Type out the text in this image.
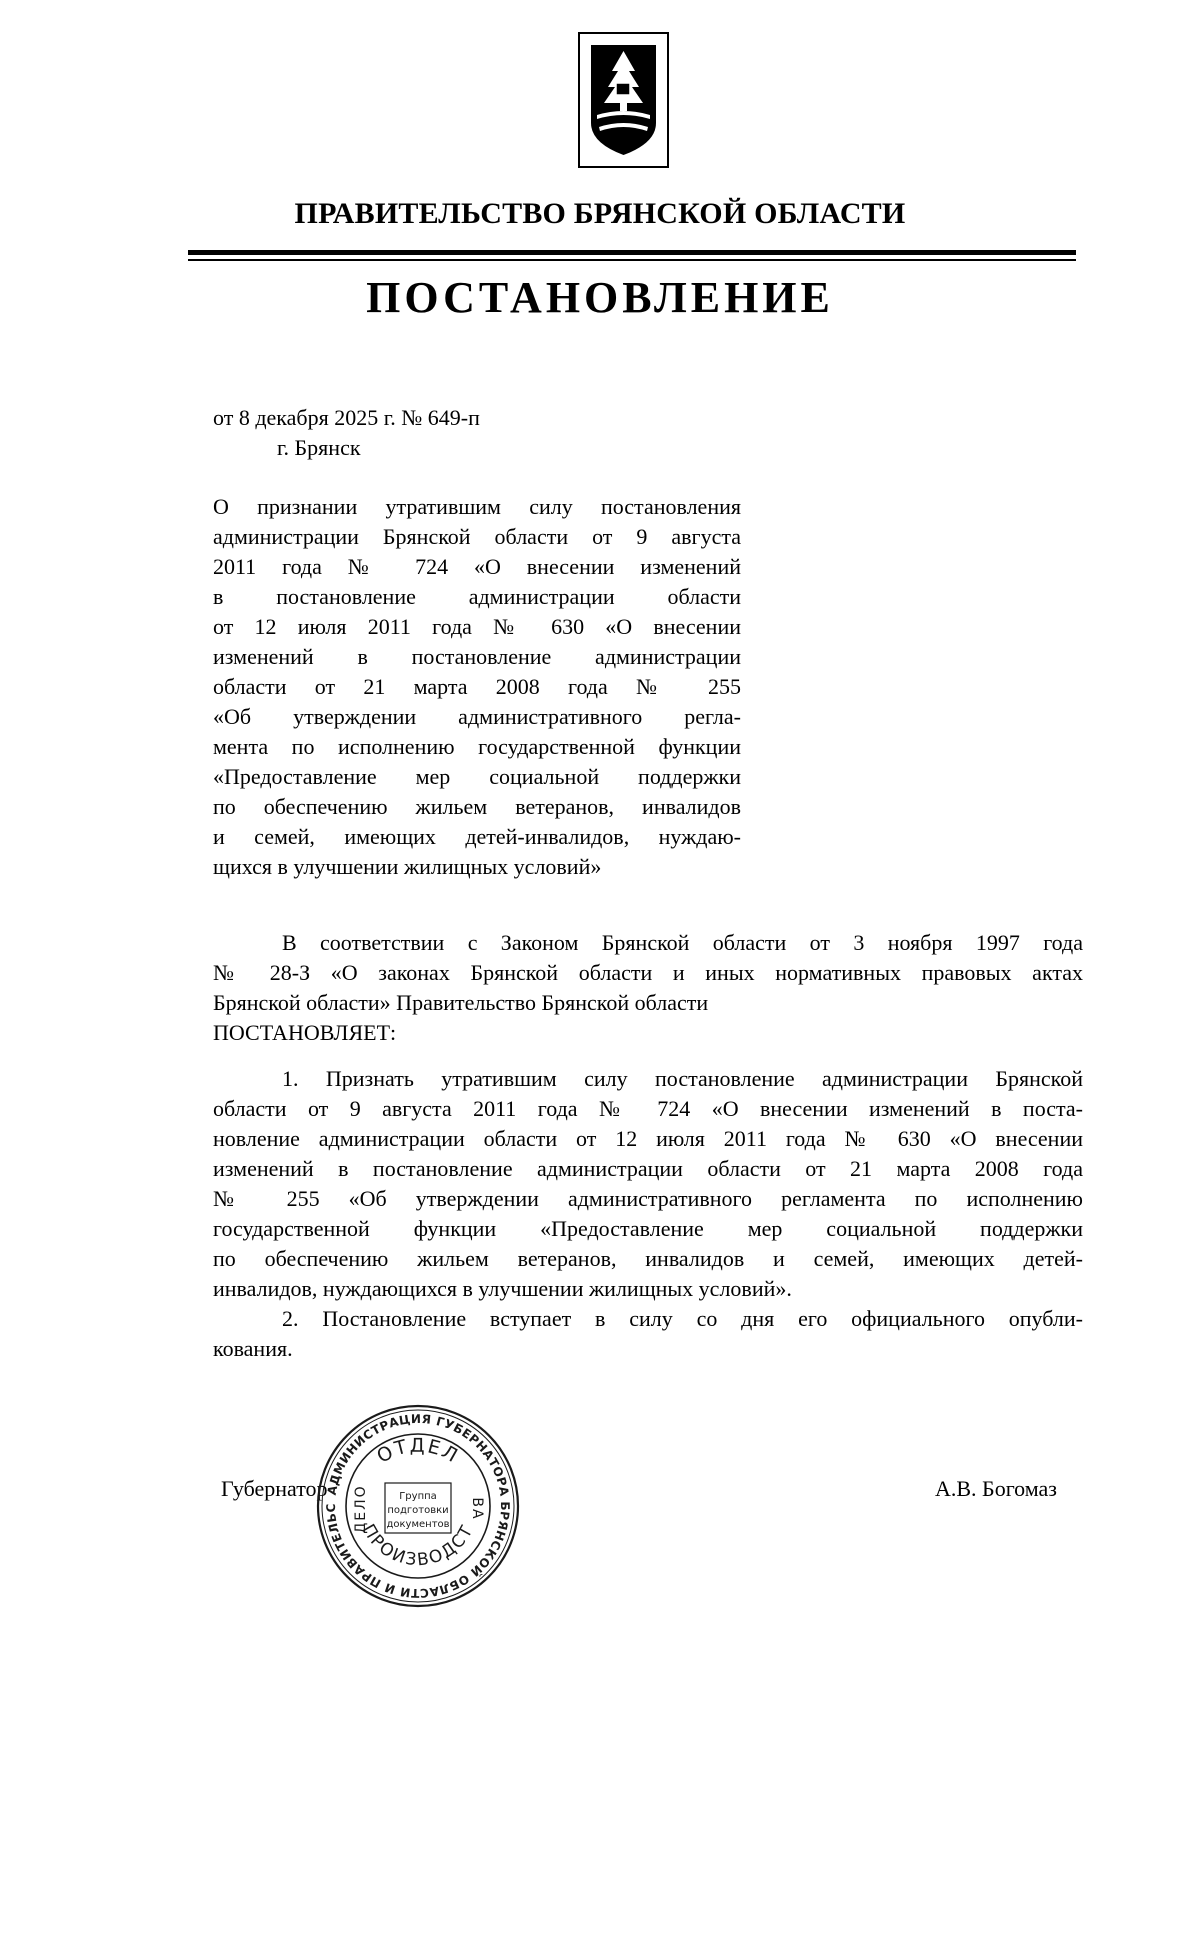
ПРАВИТЕЛЬСТВО БРЯНСКОЙ ОБЛАСТИ
ПОСТАНОВЛЕНИЕ
от 8 декабря 2025 г. № 649-п
г. Брянск
О признании утратившим силу постановления
администрации Брянской области от 9 августа
2011 года № 724 «О внесении изменений
в постановление администрации области
от 12 июля 2011 года № 630 «О внесении
изменений в постановление администрации
области от 21 марта 2008 года № 255
«Об утверждении административного регла-
мента по исполнению государственной функции
«Предоставление мер социальной поддержки
по обеспечению жильем ветеранов, инвалидов
и семей, имеющих детей-инвалидов, нуждаю-
щихся в улучшении жилищных условий»
В соответствии с Законом Брянской области от 3 ноября 1997 года
№ 28-З «О законах Брянской области и иных нормативных правовых актах
Брянской области» Правительство Брянской области
ПОСТАНОВЛЯЕТ:
1. Признать утратившим силу постановление администрации Брянской
области от 9 августа 2011 года № 724 «О внесении изменений в поста-
новление администрации области от 12 июля 2011 года № 630 «О внесении
изменений в постановление администрации области от 21 марта 2008 года
№ 255 «Об утверждении административного регламента по исполнению
государственной функции «Предоставление мер социальной поддержки
по обеспечению жильем ветеранов, инвалидов и семей, имеющих детей-
инвалидов, нуждающихся в улучшении жилищных условий».
2. Постановление вступает в силу со дня его официального опубли-
кования.
Губернатор	А.В. Богомаз
АДМИНИСТРАЦИЯ ГУБЕРНАТОРА БРЯНСКОЙ ОБЛАСТИ И ПРАВИТЕЛЬС
ОТДЕЛ
ПРОИЗВОДСТ
ДЕЛО	ВА
Группа
подготовки
документов
